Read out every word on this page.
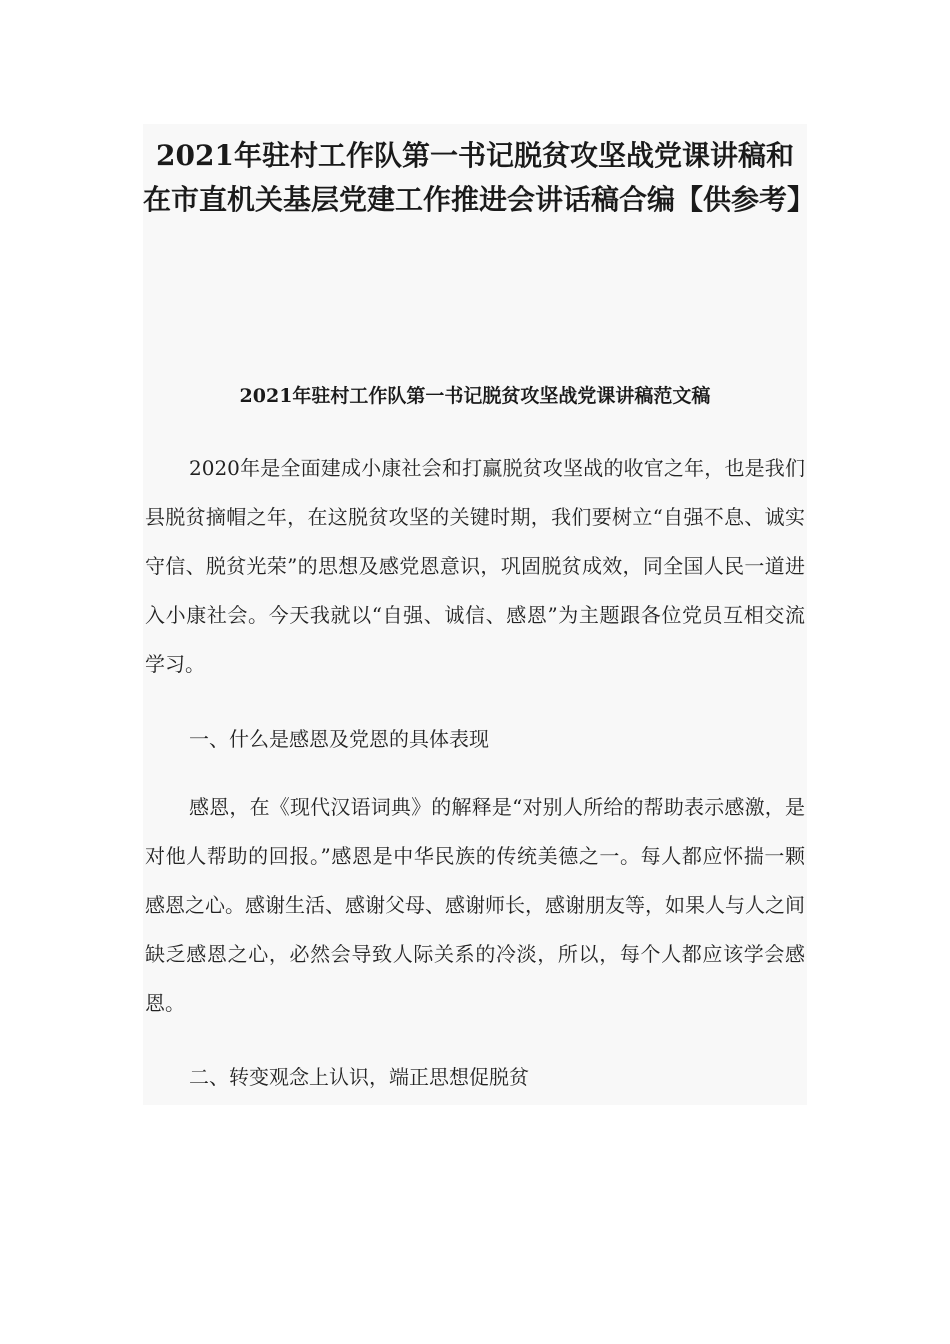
2021年驻村工作队第一书记脱贫攻坚战党课讲稿和在市直机关基层党建工作推进会讲话稿合编【供参考】
2021年驻村工作队第一书记脱贫攻坚战党课讲稿范文稿

2020年是全面建成小康社会和打赢脱贫攻坚战的收官之年，也是我们县脱贫摘帽之年，在这脱贫攻坚的关键时期，我们要树立“自强不息、诚实守信、脱贫光荣”的思想及感党恩意识，巩固脱贫成效，同全国人民一道进入小康社会。今天我就以“自强、诚信、感恩”为主题跟各位党员互相交流学习。

一、什么是感恩及党恩的具体表现

感恩，在《现代汉语词典》的解释是“对别人所给的帮助表示感激，是对他人帮助的回报。”感恩是中华民族的传统美德之一。每人都应怀揣一颗感恩之心。感谢生活、感谢父母、感谢师长，感谢朋友等，如果人与人之间缺乏感恩之心，必然会导致人际关系的冷淡，所以，每个人都应该学会感恩。

二、转变观念上认识，端正思想促脱贫
